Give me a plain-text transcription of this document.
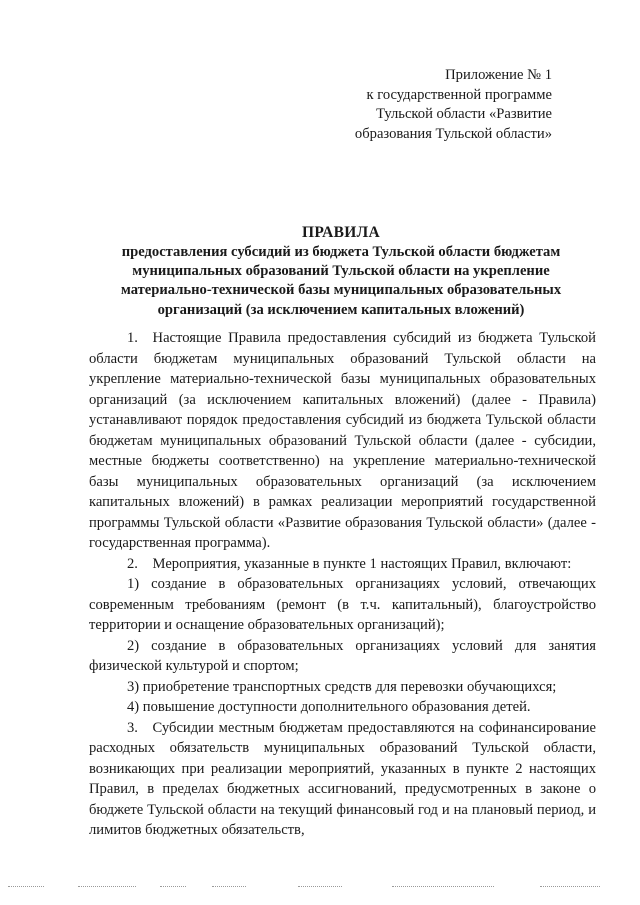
Приложение № 1
к государственной программе
Тульской области «Развитие
образования Тульской области»
ПРАВИЛА
предоставления субсидий из бюджета Тульской области бюджетам муниципальных образований Тульской области на укрепление материально-технической базы муниципальных образовательных организаций (за исключением капитальных вложений)

1. Настоящие Правила предоставления субсидий из бюджета Тульской области бюджетам муниципальных образований Тульской области на укрепление материально-технической базы муниципальных образовательных организаций (за исключением капитальных вложений) (далее - Правила) устанавливают порядок предоставления субсидий из бюджета Тульской области бюджетам муниципальных образований Тульской области (далее - субсидии, местные бюджеты соответственно) на укрепление материально-технической базы муниципальных образовательных организаций (за исключением капитальных вложений) в рамках реализации мероприятий государственной программы Тульской области «Развитие образования Тульской области» (далее - государственная программа).

2. Мероприятия, указанные в пункте 1 настоящих Правил, включают:

1) создание в образовательных организациях условий, отвечающих современным требованиям (ремонт (в т.ч. капитальный), благоустройство территории и оснащение образовательных организаций);

2) создание в образовательных организациях условий для занятия физической культурой и спортом;

3) приобретение транспортных средств для перевозки обучающихся;

4) повышение доступности дополнительного образования детей.

3. Субсидии местным бюджетам предоставляются на софинансирование расходных обязательств муниципальных образований Тульской области, возникающих при реализации мероприятий, указанных в пункте 2 настоящих Правил, в пределах бюджетных ассигнований, предусмотренных в законе о бюджете Тульской области на текущий финансовый год и на плановый период, и лимитов бюджетных обязательств,
